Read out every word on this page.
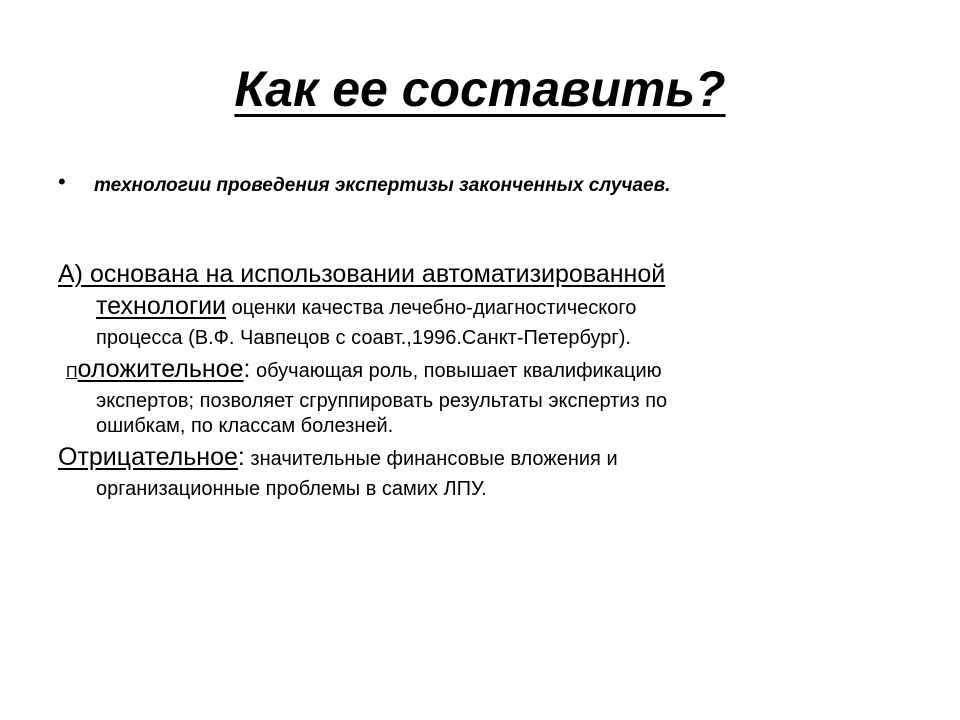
Как ее составить?
• технологии проведения экспертизы законченных случаев.
А) основана на использовании автоматизированной

технологии оценки качества лечебно-диагностического
процесса (В.Ф. Чавпецов с соавт.,1996.Санкт-Петербург).
Положительное: обучающая роль, повышает квалификацию
экспертов; позволяет сгруппировать результаты экспертиз по
ошибкам, по классам болезней.
Отрицательное: значительные финансовые вложения и
организационные проблемы в самих ЛПУ.
